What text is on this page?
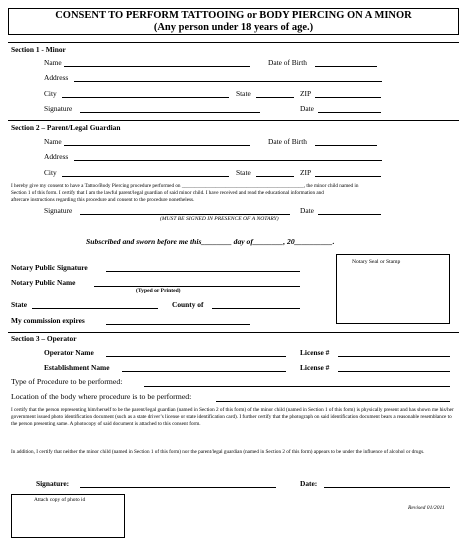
CONSENT TO PERFORM TATTOOING or BODY PIERCING ON A MINOR
(Any person under 18 years of age.)
Section 1 - Minor
Name	Date of Birth
Address
City	State	ZIP
Signature	Date
Section 2 – Parent/Legal Guardian
Name	Date of Birth
Address
City	State	ZIP
I hereby give my consent to have a Tattoo/Body Piercing procedure performed on _______________________________________________, the minor child named in
Section 1 of this form. I certify that I am the lawful parent/legal guardian of said minor child. I have received and read the educational information and
aftercare instructions regarding this procedure and consent to the procedure nonetheless.
Signature	Date
(MUST BE SIGNED IN PRESENCE OF A NOTARY)
Subscribed and sworn before me this________ day of________, 20__________.
Notary Seal or Stamp
Notary Public Signature
Notary Public Name
(Typed or Printed)
State	County of
My commission expires
Section 3 – Operator
Operator Name	License #
Establishment Name	License #
Type of Procedure to be performed:
Location of the body where procedure is to be performed:
I certify that the person representing him/herself to be the parent/legal guardian (named in Section 2 of this form) of the minor child (named in Section 1 of this form) is physically present and has shown me his/her government issued photo identification document (such as a state driver’s license or state identification card). I further certify that the photograph on said identification document bears a reasonable resemblance to the person presenting same. A photocopy of said document is attached to this consent form.
In addition, I certify that neither the minor child (named in Section 1 of this form) nor the parent/legal guardian (named in Section 2 of this form) appears to be under the influence of alcohol or drugs.
Signature:	Date:
Attach copy of photo id
Revised 01/2011
